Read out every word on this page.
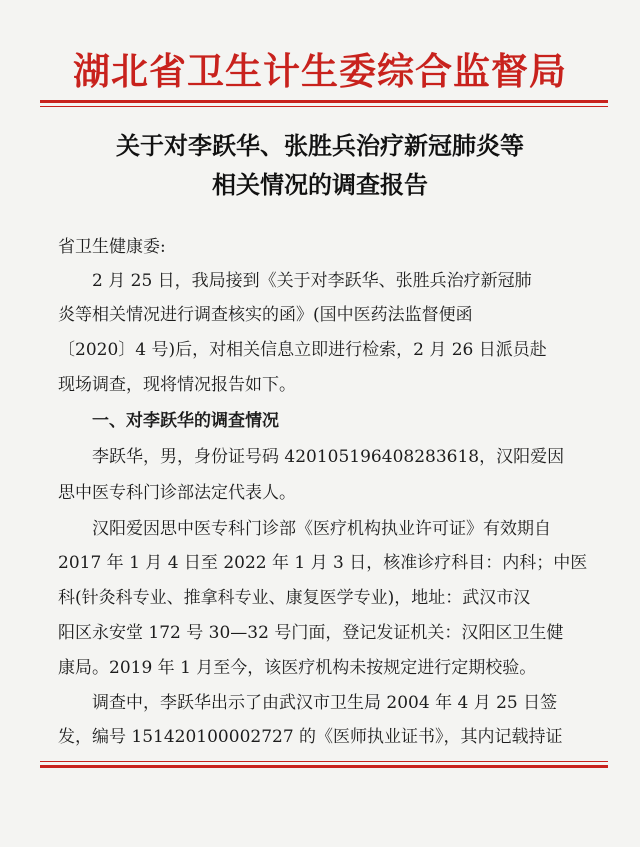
湖北省卫生计生委综合监督局
关于对李跃华、张胜兵治疗新冠肺炎等
相关情况的调查报告
省卫生健康委:
2 月 25 日，我局接到《关于对李跃华、张胜兵治疗新冠肺
炎等相关情况进行调查核实的函》(国中医药法监督便函
〔2020〕4 号)后，对相关信息立即进行检索，2 月 26 日派员赴
现场调查，现将情况报告如下。
一、对李跃华的调查情况
李跃华，男，身份证号码 420105196408283618，汉阳爱因
思中医专科门诊部法定代表人。
汉阳爱因思中医专科门诊部《医疗机构执业许可证》有效期自
2017 年 1 月 4 日至 2022 年 1 月 3 日，核准诊疗科目：内科；中医
科(针灸科专业、推拿科专业、康复医学专业)，地址：武汉市汉
阳区永安堂 172 号 30—32 号门面，登记发证机关：汉阳区卫生健
康局。2019 年 1 月至今，该医疗机构未按规定进行定期校验。
调查中，李跃华出示了由武汉市卫生局 2004 年 4 月 25 日签
发，编号 151420100002727 的《医师执业证书》，其内记载持证
